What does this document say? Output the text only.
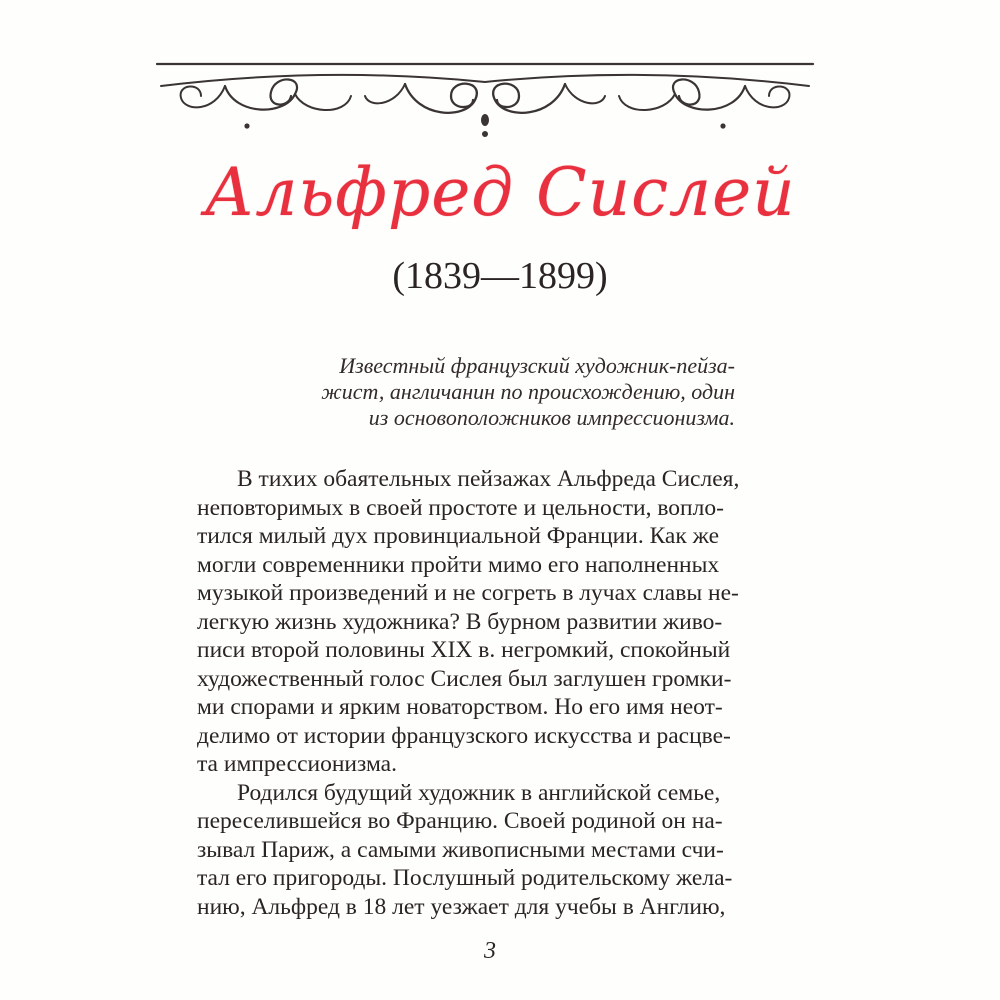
Альфред Сислей
(1839—1899)
Известный французский художник-пейза-
жист, англичанин по происхождению, один
из основоположников импрессионизма.
В тихих обаятельных пейзажах Альфреда Сислея,
неповторимых в своей простоте и цельности, вопло-
тился милый дух провинциальной Франции. Как же
могли современники пройти мимо его наполненных
музыкой произведений и не согреть в лучах славы не-
легкую жизнь художника? В бурном развитии живо-
писи второй половины XIX в. негромкий, спокойный
художественный голос Сислея был заглушен громки-
ми спорами и ярким новаторством. Но его имя неот-
делимо от истории французского искусства и расцве-
та импрессионизма.
Родился будущий художник в английской семье,
переселившейся во Францию. Своей родиной он на-
зывал Париж, а самыми живописными местами счи-
тал его пригороды. Послушный родительскому жела-
нию, Альфред в 18 лет уезжает для учебы в Англию,
3
